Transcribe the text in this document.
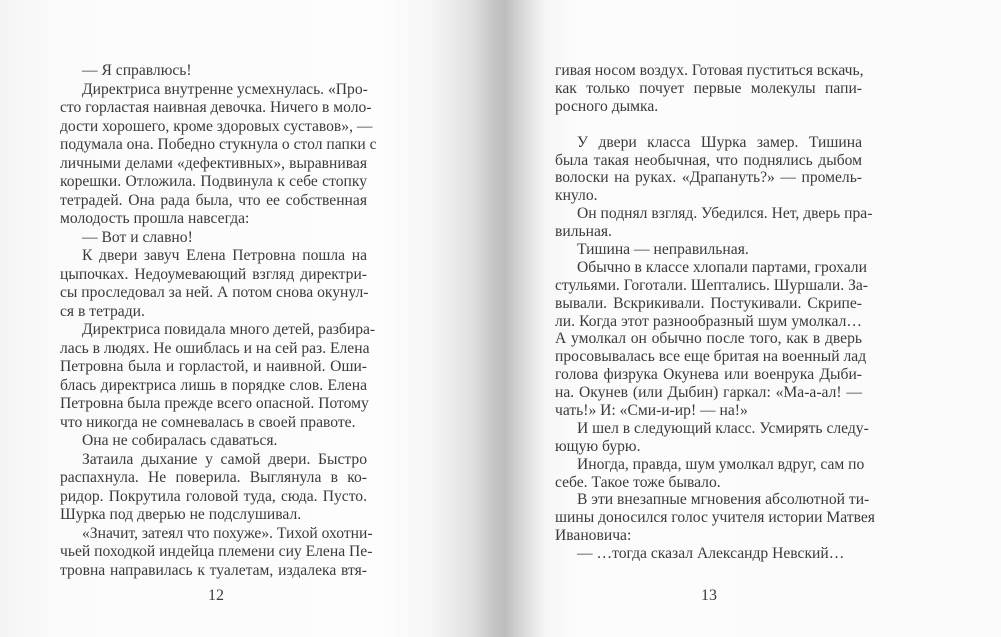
— Я справлюсь!
Директриса внутренне усмехнулась. «Про-
сто горластая наивная девочка. Ничего в моло-
дости хорошего, кроме здоровых суставов», —
подумала она. Победно стукнула о стол папки с
личными делами «дефективных», выравнивая
корешки. Отложила. Подвинула к себе стопку
тетрадей. Она рада была, что ее собственная
молодость прошла навсегда:
— Вот и славно!
К двери завуч Елена Петровна пошла на
цыпочках. Недоумевающий взгляд директри-
сы проследовал за ней. А потом снова окунул-
ся в тетради.
Директриса повидала много детей, разбира-
лась в людях. Не ошиблась и на сей раз. Елена
Петровна была и горластой, и наивной. Оши-
блась директриса лишь в порядке слов. Елена
Петровна была прежде всего опасной. Потому
что никогда не сомневалась в своей правоте.
Она не собиралась сдаваться.
Затаила дыхание у самой двери. Быстро
распахнула. Не поверила. Выглянула в ко-
ридор. Покрутила головой туда, сюда. Пусто.
Шурка под дверью не подслушивал.
«Значит, затеял что похуже». Тихой охотни-
чьей походкой индейца племени сиу Елена Пе-
тровна направилась к туалетам, издалека втя-
12
гивая носом воздух. Готовая пуститься вскачь,
как только почует первые молекулы папи-
росного дымка.
У двери класса Шурка замер. Тишина
была такая необычная, что поднялись дыбом
волоски на руках. «Драпануть?» — промель-
кнуло.
Он поднял взгляд. Убедился. Нет, дверь пра-
вильная.
Тишина — неправильная.
Обычно в классе хлопали партами, грохали
стульями. Гоготали. Шептались. Шуршали. За-
вывали. Вскрикивали. Постукивали. Скрипе-
ли. Когда этот разнообразный шум умолкал…
А умолкал он обычно после того, как в дверь
просовывалась все еще бритая на военный лад
голова физрука Окунева или военрука Дыби-
на. Окунев (или Дыбин) гаркал: «Ма-а-ал! —
чать!» И: «Сми-и-ир! — на!»
И шел в следующий класс. Усмирять следу-
ющую бурю.
Иногда, правда, шум умолкал вдруг, сам по
себе. Такое тоже бывало.
В эти внезапные мгновения абсолютной ти-
шины доносился голос учителя истории Матвея
Ивановича:
— …тогда сказал Александр Невский…
13
